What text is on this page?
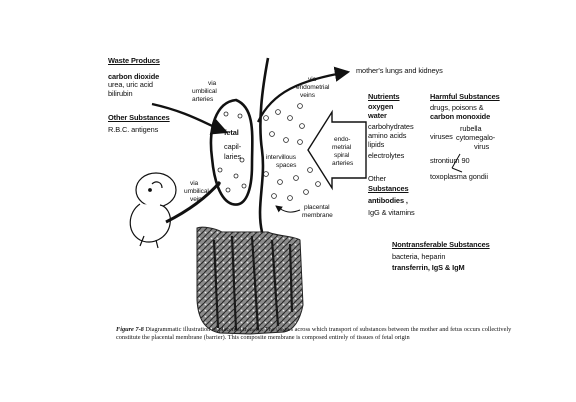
Waste Producs
carbon dioxide
urea, uric acid
bilirubin
Other Substances
R.B.C. antigens
via
umbilical
arteries
fetal
capil-
laries
via
umbilical
vein
via
endometrial
veins
mother's lungs and kidneys
intervillous
spaces
endo-
metrial
spiral
arteries
placental
membrane
Nutrients
oxygen
water
carbohydrates
amino acids
lipids
electrolytes
Other
Substances
antibodies ,
IgG & vitamins
Harmful Substances
drugs, poisons &
carbon monoxide
viruses
rubella
cytomegalo-
virus
strontium 90
toxoplasma gondii
Nontransferable Substances
bacteria, heparin
transferrin, IgS & IgM
Figure 7-8 Diagrammatic illustration of placental transfer. The tissues across which transport of substances between the mother and fetus occurs collectively constitute the placental membrane (barrier). This composite membrane is composed entirely of tissues of fetal origin
